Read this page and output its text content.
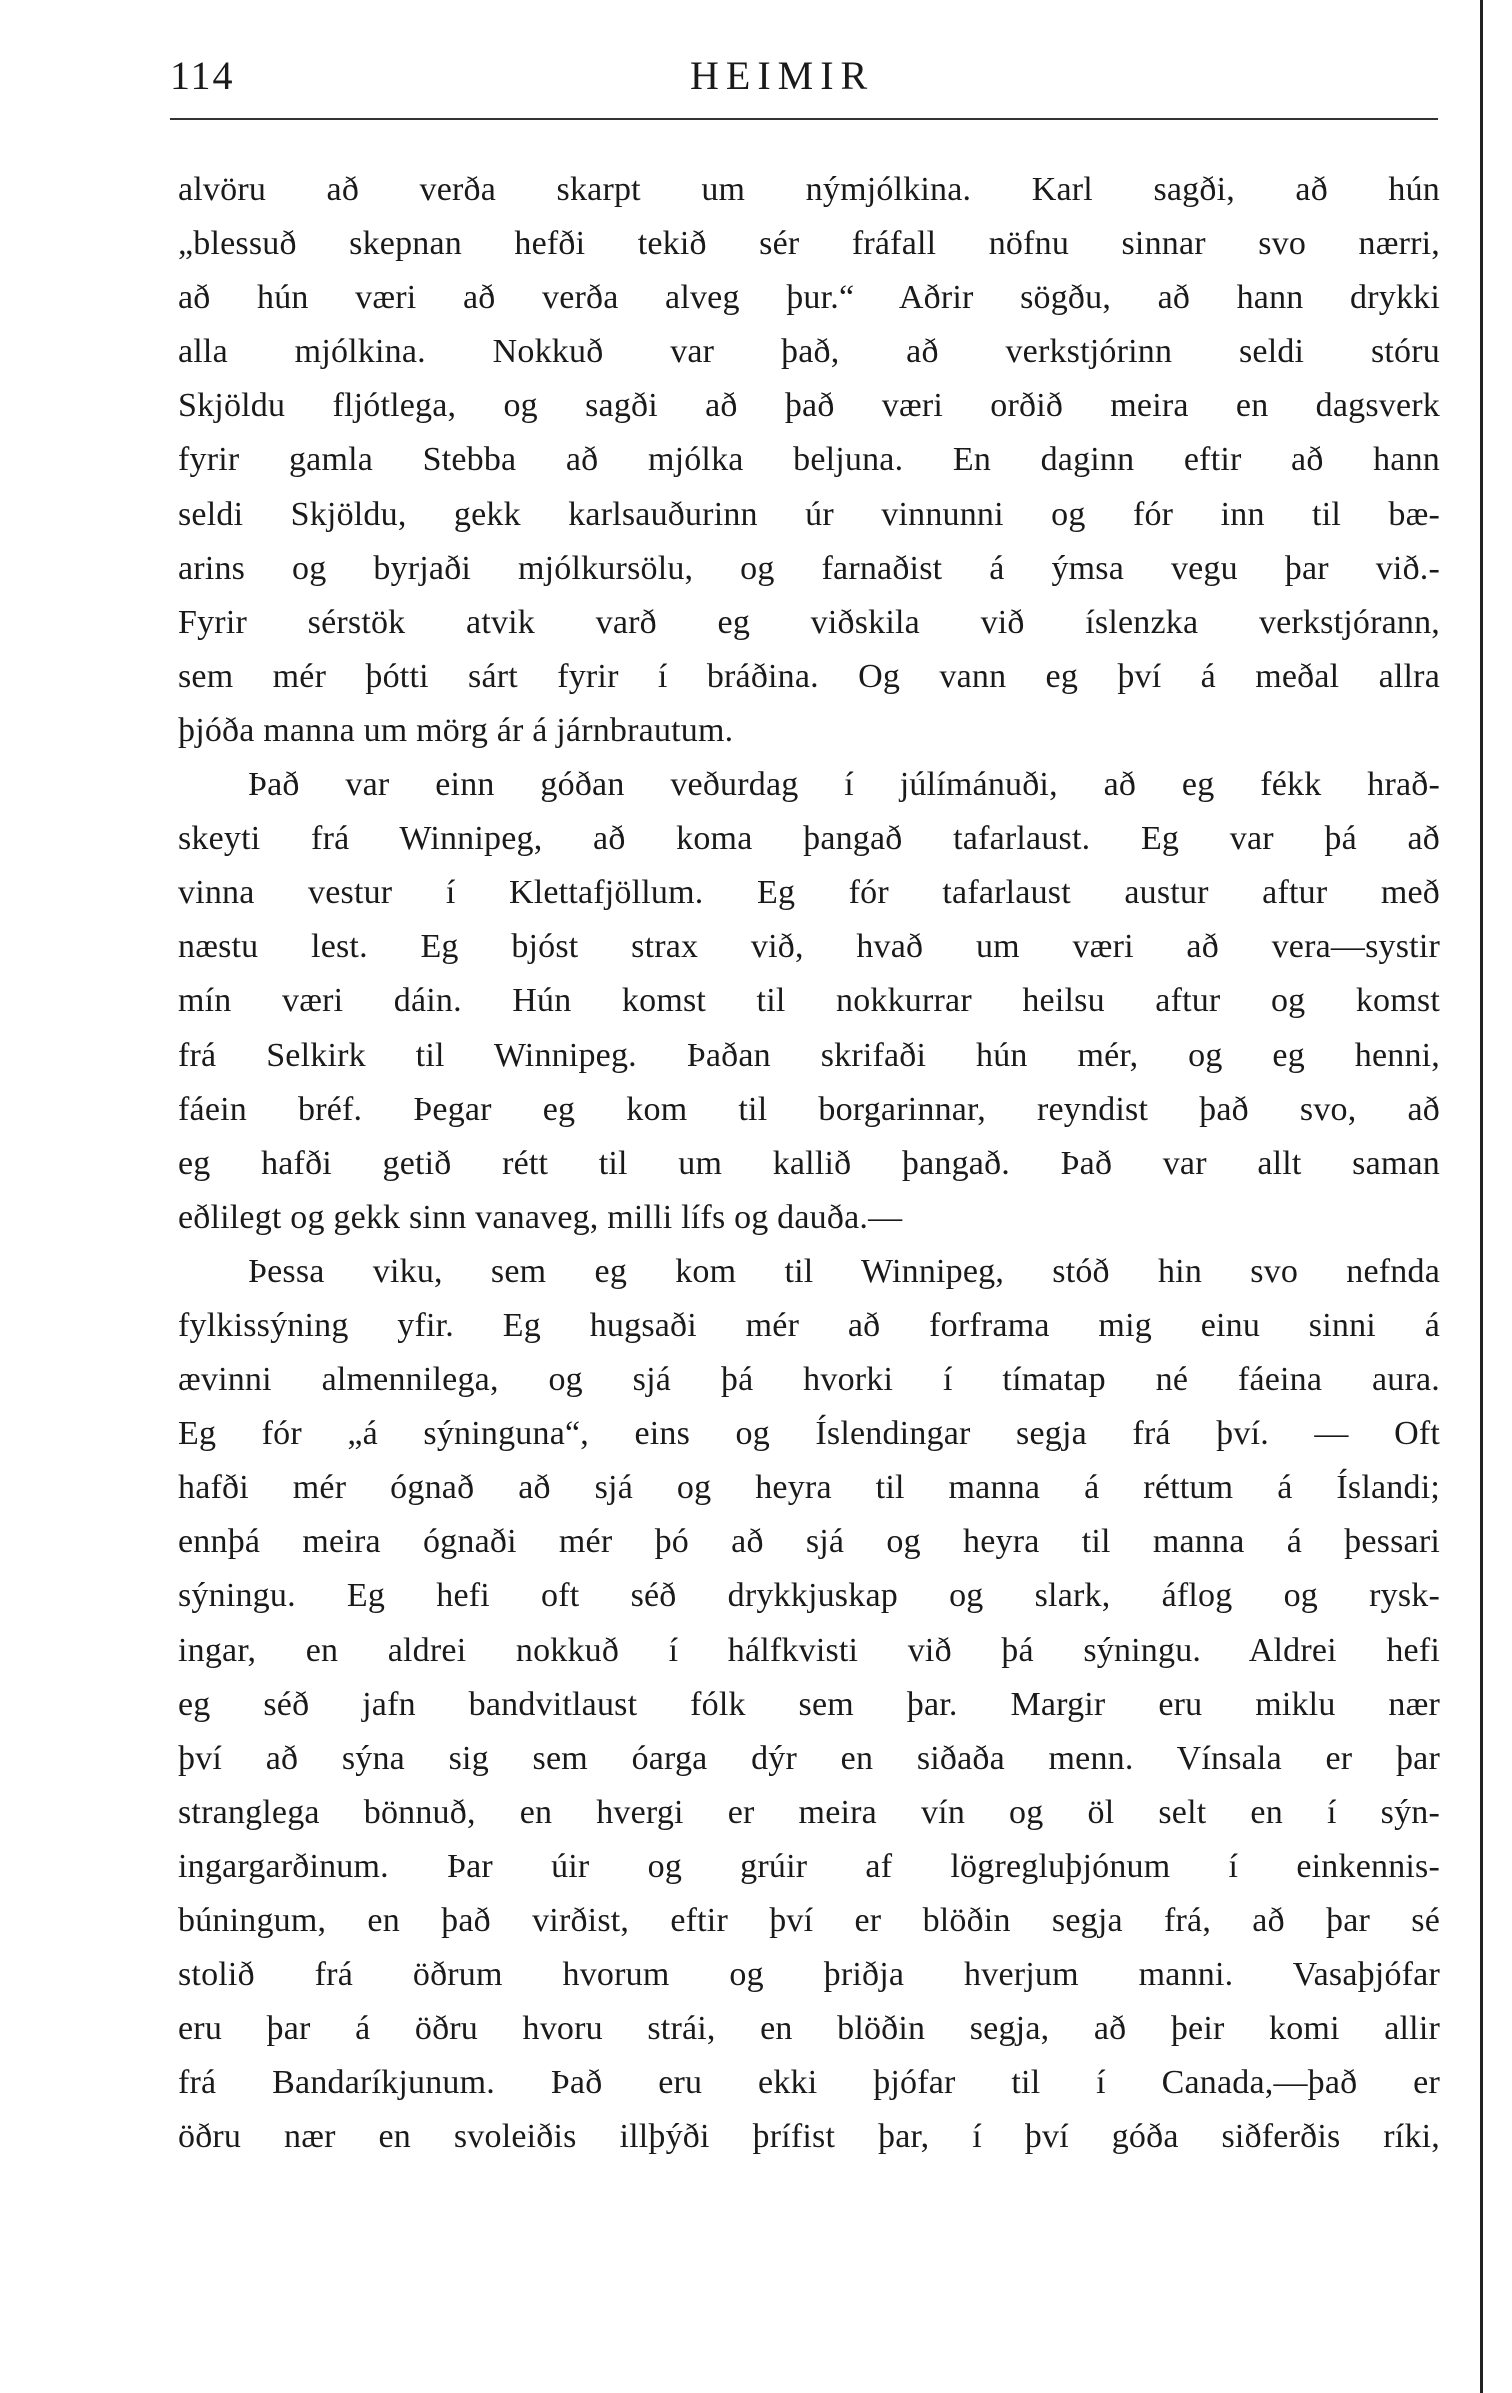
114	HEIMIR
alvöru að verða skarpt um nýmjólkina. Karl sagði, að hún
„blessuð skepnan hefði tekið sér fráfall nöfnu sinnar svo nærri,
að hún væri að verða alveg þur.“ Aðrir sögðu, að hann drykki
alla mjólkina. Nokkuð var það, að verkstjórinn seldi stóru
Skjöldu fljótlega, og sagði að það væri orðið meira en dagsverk
fyrir gamla Stebba að mjólka beljuna. En daginn eftir að hann
seldi Skjöldu, gekk karlsauðurinn úr vinnunni og fór inn til bæ-
arins og byrjaði mjólkursölu, og farnaðist á ýmsa vegu þar við.-
Fyrir sérstök atvik varð eg viðskila við íslenzka verkstjórann,
sem mér þótti sárt fyrir í bráðina. Og vann eg því á meðal allra
þjóða manna um mörg ár á járnbrautum.
Það var einn góðan veðurdag í júlímánuði, að eg fékk hrað-
skeyti frá Winnipeg, að koma þangað tafarlaust. Eg var þá að
vinna vestur í Klettafjöllum. Eg fór tafarlaust austur aftur með
næstu lest. Eg bjóst strax við, hvað um væri að vera—systir
mín væri dáin. Hún komst til nokkurrar heilsu aftur og komst
frá Selkirk til Winnipeg. Þaðan skrifaði hún mér, og eg henni,
fáein bréf. Þegar eg kom til borgarinnar, reyndist það svo, að
eg hafði getið rétt til um kallið þangað. Það var allt saman
eðlilegt og gekk sinn vanaveg, milli lífs og dauða.—
Þessa viku, sem eg kom til Winnipeg, stóð hin svo nefnda
fylkissýning yfir. Eg hugsaði mér að forframa mig einu sinni á
ævinni almennilega, og sjá þá hvorki í tímatap né fáeina aura.
Eg fór „á sýninguna“, eins og Íslendingar segja frá því. — Oft
hafði mér ógnað að sjá og heyra til manna á réttum á Íslandi;
ennþá meira ógnaði mér þó að sjá og heyra til manna á þessari
sýningu. Eg hefi oft séð drykkjuskap og slark, áflog og rysk-
ingar, en aldrei nokkuð í hálfkvisti við þá sýningu. Aldrei hefi
eg séð jafn bandvitlaust fólk sem þar. Margir eru miklu nær
því að sýna sig sem óarga dýr en siðaða menn. Vínsala er þar
stranglega bönnuð, en hvergi er meira vín og öl selt en í sýn-
ingargarðinum. Þar úir og grúir af lögregluþjónum í einkennis-
búningum, en það virðist, eftir því er blöðin segja frá, að þar sé
stolið frá öðrum hvorum og þriðja hverjum manni. Vasaþjófar
eru þar á öðru hvoru strái, en blöðin segja, að þeir komi allir
frá Bandaríkjunum. Það eru ekki þjófar til í Canada,—það er
öðru nær en svoleiðis illþýði þrífist þar, í því góða siðferðis ríki,
